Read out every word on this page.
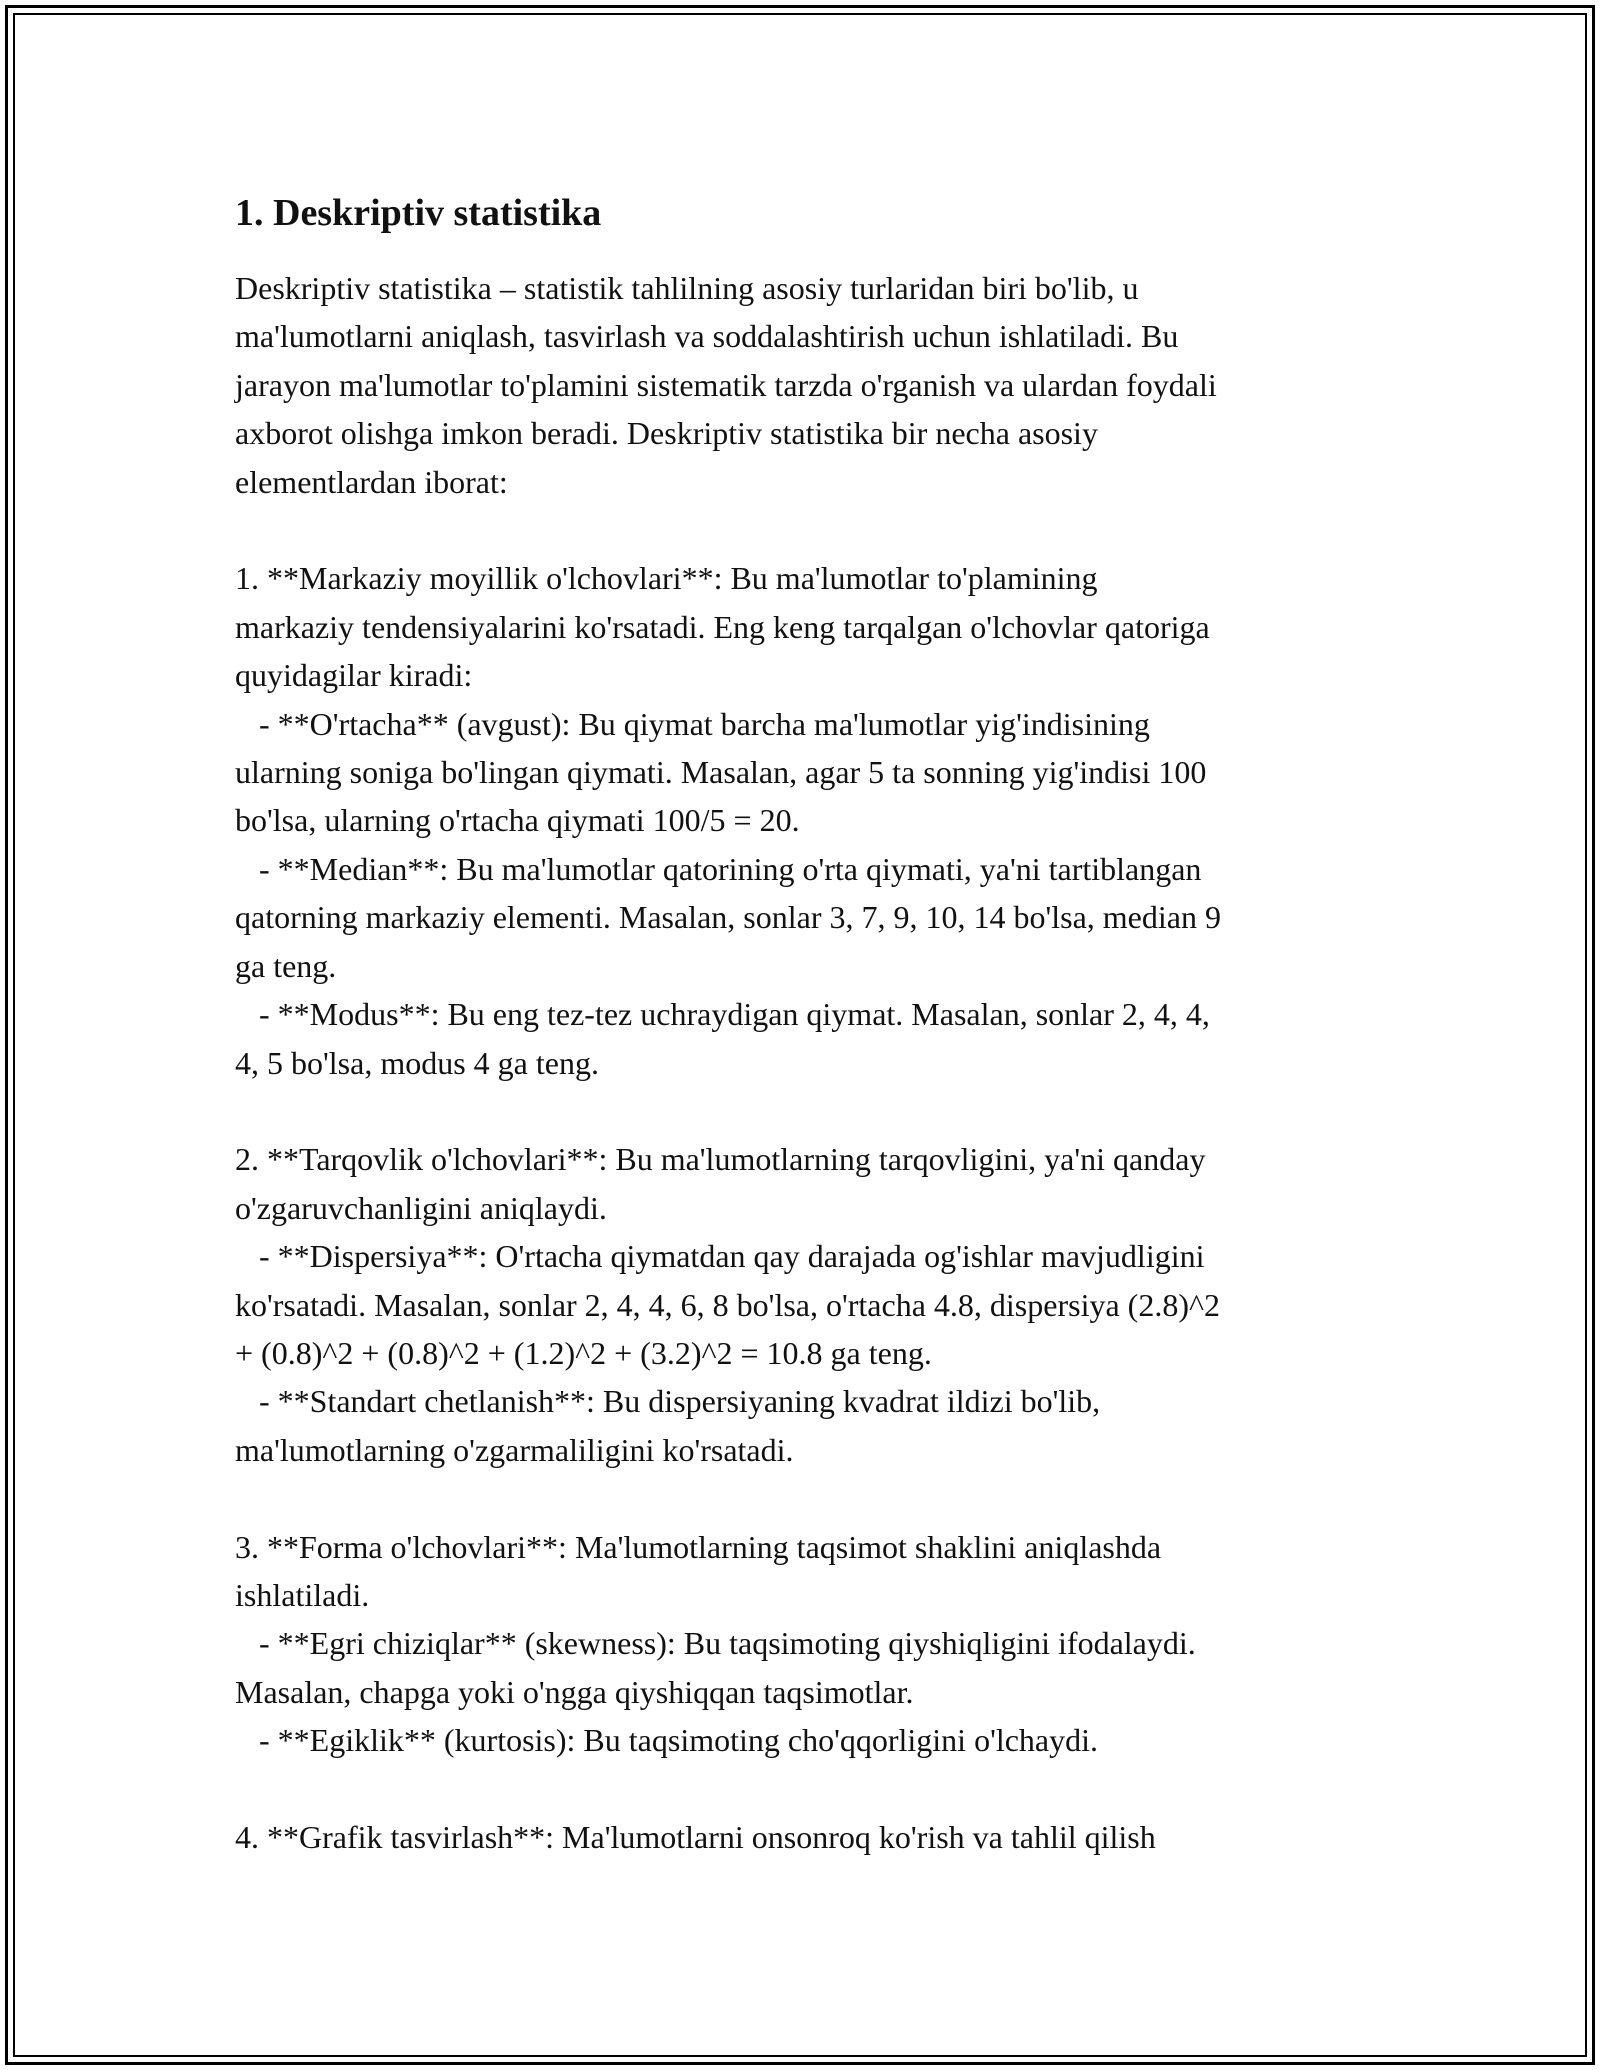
1. Deskriptiv statistika

Deskriptiv statistika – statistik tahlilning asosiy turlaridan biri bo'lib, u
ma'lumotlarni aniqlash, tasvirlash va soddalashtirish uchun ishlatiladi. Bu
jarayon ma'lumotlar to'plamini sistematik tarzda o'rganish va ulardan foydali
axborot olishga imkon beradi. Deskriptiv statistika bir necha asosiy
elementlardan iborat:

1. **Markaziy moyillik o'lchovlari**: Bu ma'lumotlar to'plamining
markaziy tendensiyalarini ko'rsatadi. Eng keng tarqalgan o'lchovlar qatoriga
quyidagilar kiradi:
- **O'rtacha** (avgust): Bu qiymat barcha ma'lumotlar yig'indisining
ularning soniga bo'lingan qiymati. Masalan, agar 5 ta sonning yig'indisi 100
bo'lsa, ularning o'rtacha qiymati 100/5 = 20.
- **Median**: Bu ma'lumotlar qatorining o'rta qiymati, ya'ni tartiblangan
qatorning markaziy elementi. Masalan, sonlar 3, 7, 9, 10, 14 bo'lsa, median 9
ga teng.
- **Modus**: Bu eng tez-tez uchraydigan qiymat. Masalan, sonlar 2, 4, 4,
4, 5 bo'lsa, modus 4 ga teng.

2. **Tarqovlik o'lchovlari**: Bu ma'lumotlarning tarqovligini, ya'ni qanday
o'zgaruvchanligini aniqlaydi.
- **Dispersiya**: O'rtacha qiymatdan qay darajada og'ishlar mavjudligini
ko'rsatadi. Masalan, sonlar 2, 4, 4, 6, 8 bo'lsa, o'rtacha 4.8, dispersiya (2.8)^2
+ (0.8)^2 + (0.8)^2 + (1.2)^2 + (3.2)^2 = 10.8 ga teng.
- **Standart chetlanish**: Bu dispersiyaning kvadrat ildizi bo'lib,
ma'lumotlarning o'zgarmaliligini ko'rsatadi.

3. **Forma o'lchovlari**: Ma'lumotlarning taqsimot shaklini aniqlashda
ishlatiladi.
- **Egri chiziqlar** (skewness): Bu taqsimoting qiyshiqligini ifodalaydi.
Masalan, chapga yoki o'ngga qiyshiqqan taqsimotlar.
- **Egiklik** (kurtosis): Bu taqsimoting cho'qqorligini o'lchaydi.

4. **Grafik tasvirlash**: Ma'lumotlarni onsonroq ko'rish va tahlil qilish
